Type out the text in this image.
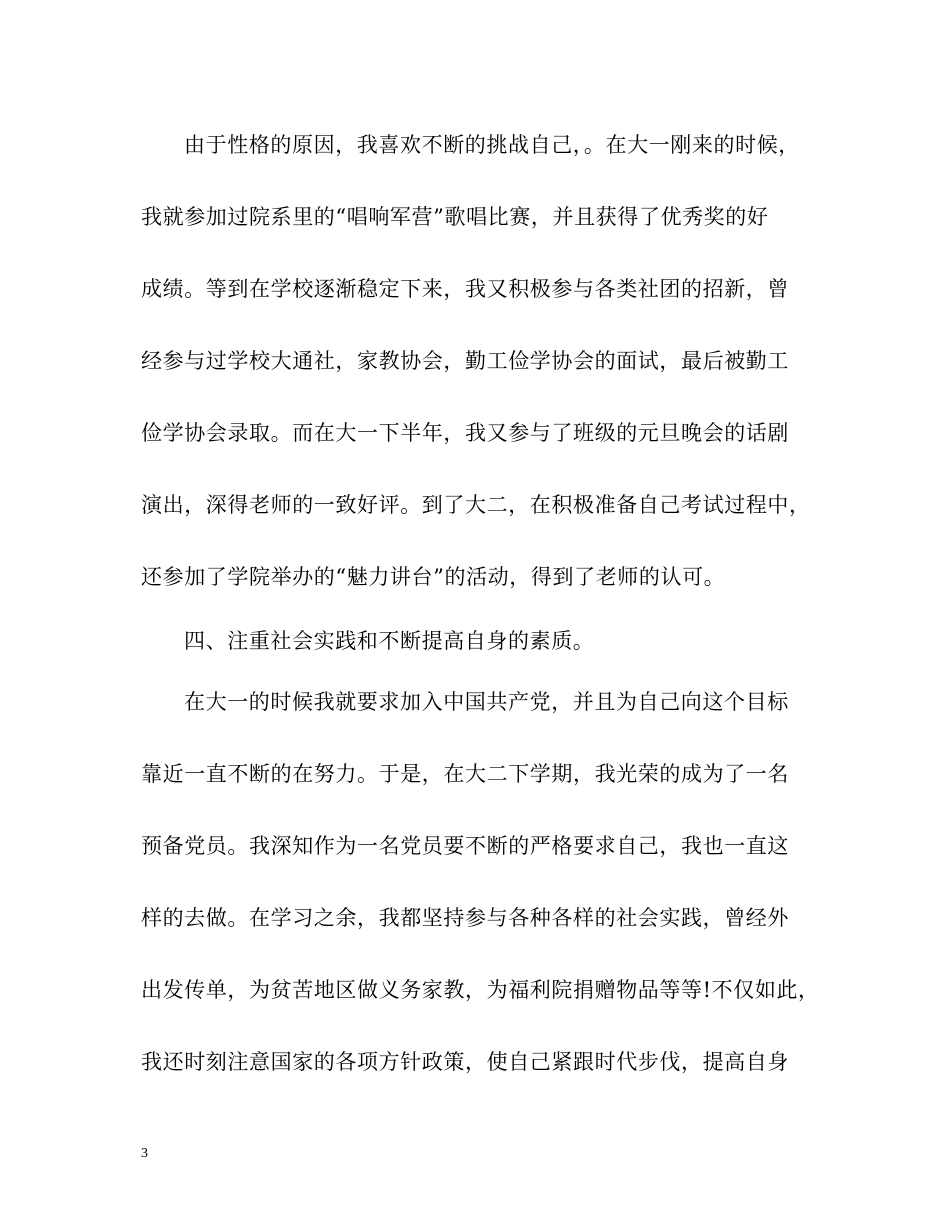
由于性格的原因，我喜欢不断的挑战自己，。在大一刚来的时候，
我就参加过院系里的“唱响军营”歌唱比赛，并且获得了优秀奖的好
成绩。等到在学校逐渐稳定下来，我又积极参与各类社团的招新，曾
经参与过学校大通社，家教协会，勤工俭学协会的面试，最后被勤工
俭学协会录取。而在大一下半年，我又参与了班级的元旦晚会的话剧
演出，深得老师的一致好评。到了大二，在积极准备自己考试过程中，
还参加了学院举办的“魅力讲台”的活动，得到了老师的认可。
四、注重社会实践和不断提高自身的素质。
在大一的时候我就要求加入中国共产党，并且为自己向这个目标
靠近一直不断的在努力。于是，在大二下学期，我光荣的成为了一名
预备党员。我深知作为一名党员要不断的严格要求自己，我也一直这
样的去做。在学习之余，我都坚持参与各种各样的社会实践，曾经外
出发传单，为贫苦地区做义务家教，为福利院捐赠物品等等!不仅如此，
我还时刻注意国家的各项方针政策，使自己紧跟时代步伐，提高自身
3
